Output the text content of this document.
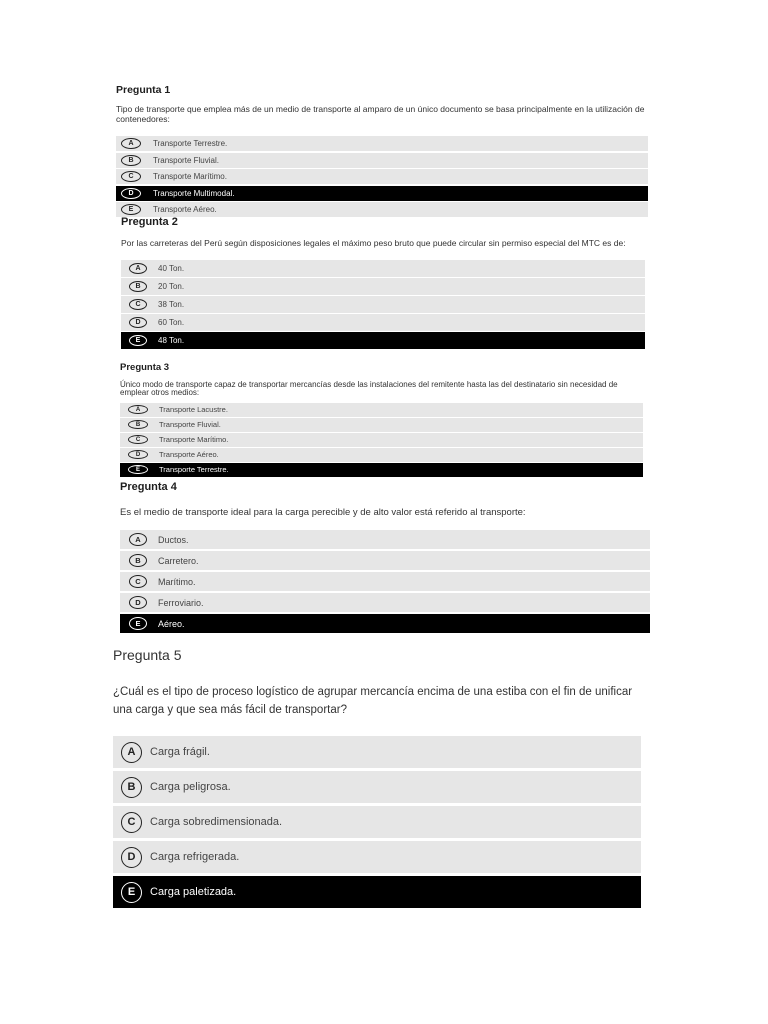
Pregunta 1

Tipo de transporte que emplea más de un medio de transporte al amparo de un único documento se basa principalmente en la utilización de contenedores:

A	Transporte Terrestre.
B	Transporte Fluvial.
C	Transporte Marítimo.
D	Transporte Multimodal.
E	Transporte Aéreo.
Pregunta 2

Por las carreteras del Perú según disposiciones legales el máximo peso bruto que puede circular sin permiso especial del MTC es de:

A	40 Ton.
B	20 Ton.
C	38 Ton.
D	60 Ton.
E	48 Ton.
Pregunta 3

Único modo de transporte capaz de transportar mercancías desde las instalaciones del remitente hasta las del destinatario sin necesidad de emplear otros medios:

A	Transporte Lacustre.
B	Transporte Fluvial.
C	Transporte Marítimo.
D	Transporte Aéreo.
E	Transporte Terrestre.
Pregunta 4

Es el medio de transporte ideal para la carga perecible y de alto valor está referido al transporte:

A	Ductos.
B	Carretero.
C	Marítimo.
D	Ferroviario.
E	Aéreo.
Pregunta 5

¿Cuál es el tipo de proceso logístico de agrupar mercancía encima de una estiba con el fin de unificar una carga y que sea más fácil de transportar?

A	Carga frágil.
B	Carga peligrosa.
C	Carga sobredimensionada.
D	Carga refrigerada.
E	Carga paletizada.
